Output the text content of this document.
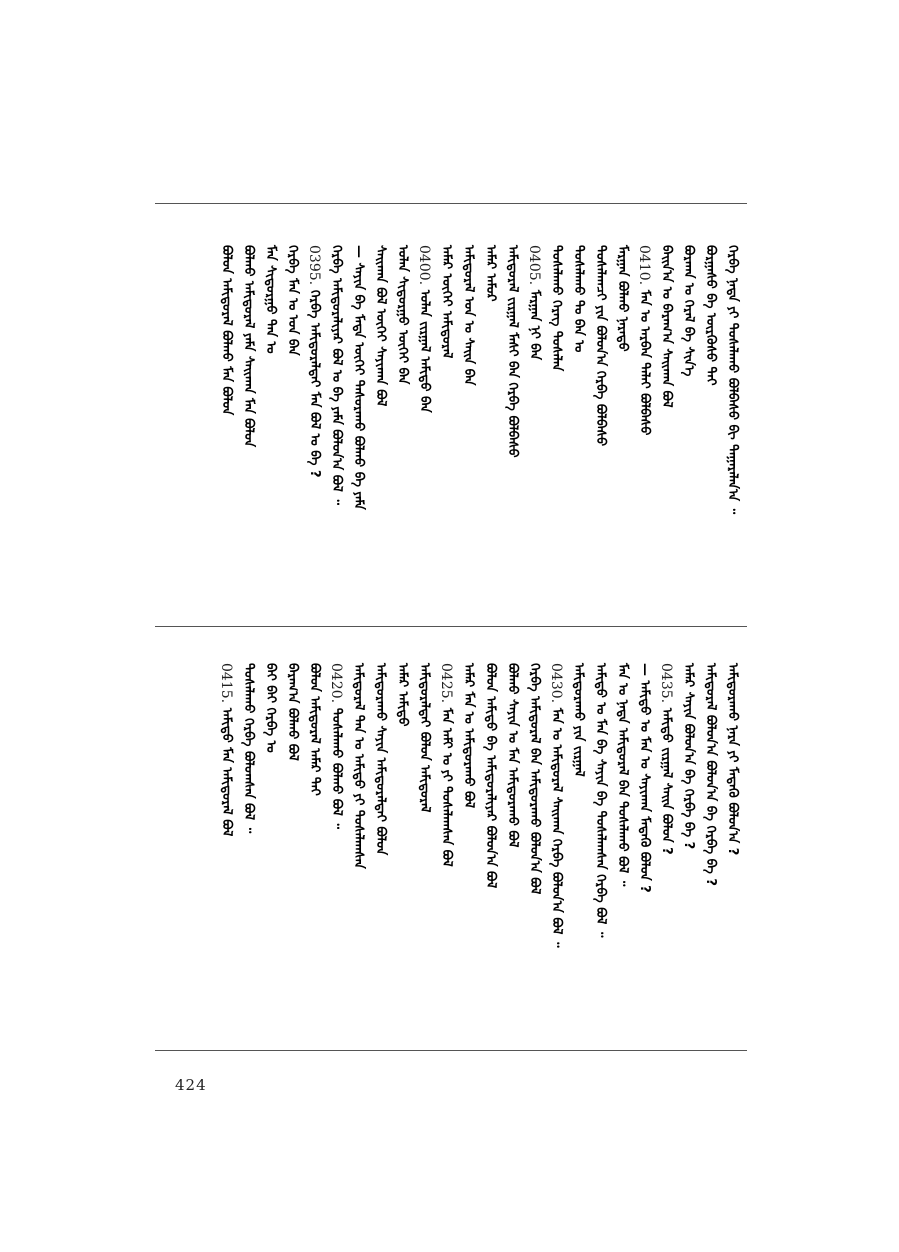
ᠬᠡᠷᠪᠡ ᠨᠠᠳᠠ ᠶᠢ ᠲᠤᠰᠠᠯᠠᠬᠤ ᠪᠣᠯᠪᠠᠰᠤ ᠪᠢ ᠲᠠᠭᠠᠷᠠᠯᠠᠨ᠎ᠠ ᠃
ᠪᠤᠷᠭᠠᠰᠤ ᠪᠠ ᠦᠷᠬᠦᠰᠦ ᠲᠠᠢ
ᠪᠤᠷᠬᠠᠨ ᠤ ᠭᠡᠷᠡᠯ ᠪᠡ ᠰᠢᠨ᠎ᠡ
ᠪᠠᠢᠨ᠎ᠠ ᠤ ᠪᠠᠷᠠᠭ᠎ᠠ ᠰᠠᠢᠬᠠᠨ ᠪᠣᠯ
0410. ᠮᠠᠨ ᠤ ᠠᠷᠪᠠᠨ ᠳᠠᠯᠠᠢ ᠪᠣᠯᠪᠠᠰᠤ
ᠮᠠᠷᠭᠠᠨ ᠪᠣᠯᠬᠤ ᠨᠡᠷᠡᠲᠦ
ᠲᠤᠰᠠᠯᠠᠭᠴᠢ ᠶᠢᠨ ᠪᠣᠯᠤᠨ᠎ᠠ ᠬᠡᠷᠪᠡ ᠪᠣᠯᠪᠠᠰᠤ
ᠲᠤᠰᠠᠯᠠᠬᠤ ᠲᠤ ᠪᠠᠨ ᠤ
ᠲᠤᠰᠠᠯᠠᠬᠤ ᠬᠡᠷᠡᠭ ᠲᠤᠰᠠᠯᠠᠨ
0405. ᠮᠠᠷᠭᠠᠨ ᠨᠢ ᠪᠠᠨ
ᠠᠮᠢᠳᠤᠷᠠᠯ ᠵᠢᠷᠭᠠᠯ ᠮᠠᠰᠢ ᠪᠠᠨ ᠬᠡᠷᠪᠡ ᠪᠣᠯᠪᠠᠰᠤ
ᠠᠮᠠᠷ ᠠᠮᠤᠷ
ᠠᠮᠢᠳᠤᠷᠠᠯ ᠣᠨ ᠤ ᠰᠠᠢᠨ ᠪᠠᠨ
ᠠᠮᠠᠷ ᠦᠭᠡᠢ ᠠᠮᠢᠳᠤᠷᠠᠯ
0400. ᠣᠯᠠᠨ ᠵᠢᠷᠭᠠᠯ ᠠᠮᠢᠳᠤ ᠪᠠᠨ
ᠣᠯᠠᠨ ᠰᠢᠳᠤᠷᠭᠤ ᠦᠭᠡᠢ ᠪᠠᠨ
ᠰᠠᠢᠬᠠᠨ ᠪᠣᠯ ᠦᠭᠡᠢ ᠰᠠᠶᠢᠬᠠᠨ ᠪᠣᠯ
— ᠰᠠᠶᠢᠨ ᠪᠠ ᠮᠡᠳᠡ ᠦᠭᠡᠢ ᠲᠠᠰᠤᠷᠠᠬᠤ ᠪᠣᠯᠬᠤ ᠪᠠ ᠶᠠᠮᠠ
ᠬᠡᠷᠪᠡ ᠠᠮᠢᠳᠤᠷᠠᠯᠢᠶᠠᠷ ᠪᠣᠯ ᠤ ᠪᠠ ᠶᠠᠮᠠ ᠪᠣᠯᠤᠨ᠎ᠠ ᠪᠣᠯ ᠃
0395. ᠬᠡᠷᠪᠡ ᠠᠮᠢᠳᠤᠷᠠᠯᠲᠠᠢ ᠮᠠᠨ ᠪᠣᠯ ᠤ ᠪᠠ ?
ᠬᠡᠷᠪᠡ ᠮᠠᠨ ᠤ ᠣᠨ ᠪᠠᠨ
ᠮᠠᠨ ᠰᠢᠳᠤᠷᠭᠤ ᠲᠠᠨ ᠤ
ᠪᠣᠯᠬᠤ ᠠᠮᠢᠳᠤᠷᠠᠯ ᠶᠠᠮᠠ ᠰᠠᠢᠬᠠᠨ ᠮᠠᠨ ᠪᠣᠯᠤᠨ
ᠪᠣᠯᠤᠨ ᠠᠮᠢᠳᠤᠷᠠᠯ ᠪᠣᠯᠬᠤ ᠮᠠᠨ ᠪᠣᠯᠤᠨ
ᠠᠮᠢᠳᠤᠷᠠᠬᠤ ᠨᠡᠷᠡ ᠶᠢ ᠮᠡᠳᠡᠬᠦ ᠪᠣᠯᠤᠨ᠎ᠠ ?
ᠠᠮᠢᠳᠤᠷᠠᠯ ᠪᠣᠯᠤᠨ᠎ᠠ ᠪᠣᠯᠤᠨ᠎ᠠ ᠪᠠ ᠬᠡᠷᠪᠡ ᠪᠠ ?
ᠠᠮᠠᠷ ᠰᠠᠶᠢᠨ ᠪᠣᠯᠤᠨ᠎ᠠ ᠪᠠ ᠬᠡᠷᠪᠡ ᠪᠠ ?
0435. ᠠᠮᠢᠳᠤ ᠵᠢᠷᠭᠠᠯ ᠰᠠᠢᠨ ᠪᠣᠯᠤᠨ ?
— ᠠᠮᠢᠳᠤ ᠤ ᠮᠠᠨ ᠤ ᠰᠠᠶᠢᠬᠠᠨ ᠮᠡᠳᠡᠬᠦ ᠪᠣᠯᠤᠨ ?
ᠮᠠᠨ ᠤ ᠨᠠᠳᠠ ᠠᠮᠢᠳᠤᠷᠠᠯ ᠪᠠᠨ ᠲᠤᠰᠠᠯᠠᠬᠤ ᠪᠣᠯ ᠃
ᠠᠮᠢᠳᠤ ᠤ ᠮᠠᠨ ᠪᠠ ᠰᠠᠶᠢᠨ ᠪᠠ ᠲᠤᠰᠠᠯᠠᠭᠰᠠᠨ ᠬᠡᠷᠪᠡ ᠪᠣᠯ ᠃
ᠠᠮᠢᠳᠤᠷᠠᠬᠤ ᠶᠢᠨ ᠵᠢᠷᠭᠠᠯ
0430. ᠮᠠᠨ ᠤ ᠠᠮᠢᠳᠤᠷᠠᠯ ᠰᠠᠢᠬᠠᠨ ᠬᠡᠷᠪᠡ ᠪᠣᠯᠤᠨ᠎ᠠ ᠪᠣᠯ ᠃
ᠬᠡᠷᠪᠡ ᠠᠮᠢᠳᠤᠷᠠᠯ ᠪᠠᠨ ᠠᠮᠢᠳᠤᠷᠠᠬᠤ ᠪᠣᠯᠤᠨ᠎ᠠ ᠪᠣᠯ
ᠪᠣᠯᠬᠤ ᠰᠠᠶᠢᠨ ᠤ ᠮᠠᠨ ᠠᠮᠢᠳᠤᠷᠠᠬᠤ ᠪᠣᠯ
ᠪᠣᠯᠤᠨ ᠠᠮᠢᠳᠤ ᠪᠠ ᠠᠮᠢᠳᠤᠷᠠᠯᠢᠶᠠᠷ ᠪᠣᠯᠤᠨ᠎ᠠ ᠪᠣᠯ
ᠠᠮᠠᠷ ᠮᠠᠨ ᠤ ᠠᠮᠢᠳᠤᠷᠠᠬᠤ ᠪᠣᠯ
0425. ᠮᠠᠨ ᠠᠮᠢ ᠤ ᠶᠢ ᠲᠤᠰᠠᠯᠠᠭᠰᠠᠨ ᠪᠣᠯ
ᠠᠮᠢᠳᠤᠷᠠᠯᠲᠠᠢ ᠪᠣᠯᠤᠨ ᠠᠮᠢᠳᠤᠷᠠᠯ
ᠠᠮᠠᠷ ᠠᠮᠢᠳᠤ
ᠠᠮᠢᠳᠤᠷᠠᠬᠤ ᠰᠠᠶᠢᠨ ᠠᠮᠢᠳᠤᠷᠠᠯᠲᠠᠢ ᠪᠣᠯᠤᠨ
ᠠᠮᠢᠳᠤᠷᠠᠯ ᠲᠠᠨ ᠤ ᠠᠮᠢᠳᠤ ᠶᠢ ᠲᠤᠰᠠᠯᠠᠭᠰᠠᠨ
0420. ᠲᠤᠰᠠᠯᠠᠬᠤ ᠪᠣᠯᠬᠤ ᠪᠣᠯ ᠃
ᠪᠣᠯᠤᠨ ᠠᠮᠢᠳᠤᠷᠠᠯ ᠠᠮᠠᠷ ᠲᠠᠢ
ᠪᠠᠷᠠᠭ᠎ᠠ ᠪᠣᠯᠬᠤ ᠪᠣᠯ
ᠪᠠᠢ ᠪᠠᠢ ᠬᠡᠷᠪᠡ ᠤ
ᠲᠤᠰᠠᠯᠠᠬᠤ ᠬᠡᠷᠪᠡ ᠪᠣᠯᠤᠭᠰᠠᠨ ᠪᠣᠯ ᠃
0415. ᠠᠮᠢᠳᠤ ᠮᠠᠨ ᠠᠮᠢᠳᠤᠷᠠᠯ ᠪᠣᠯ
424
